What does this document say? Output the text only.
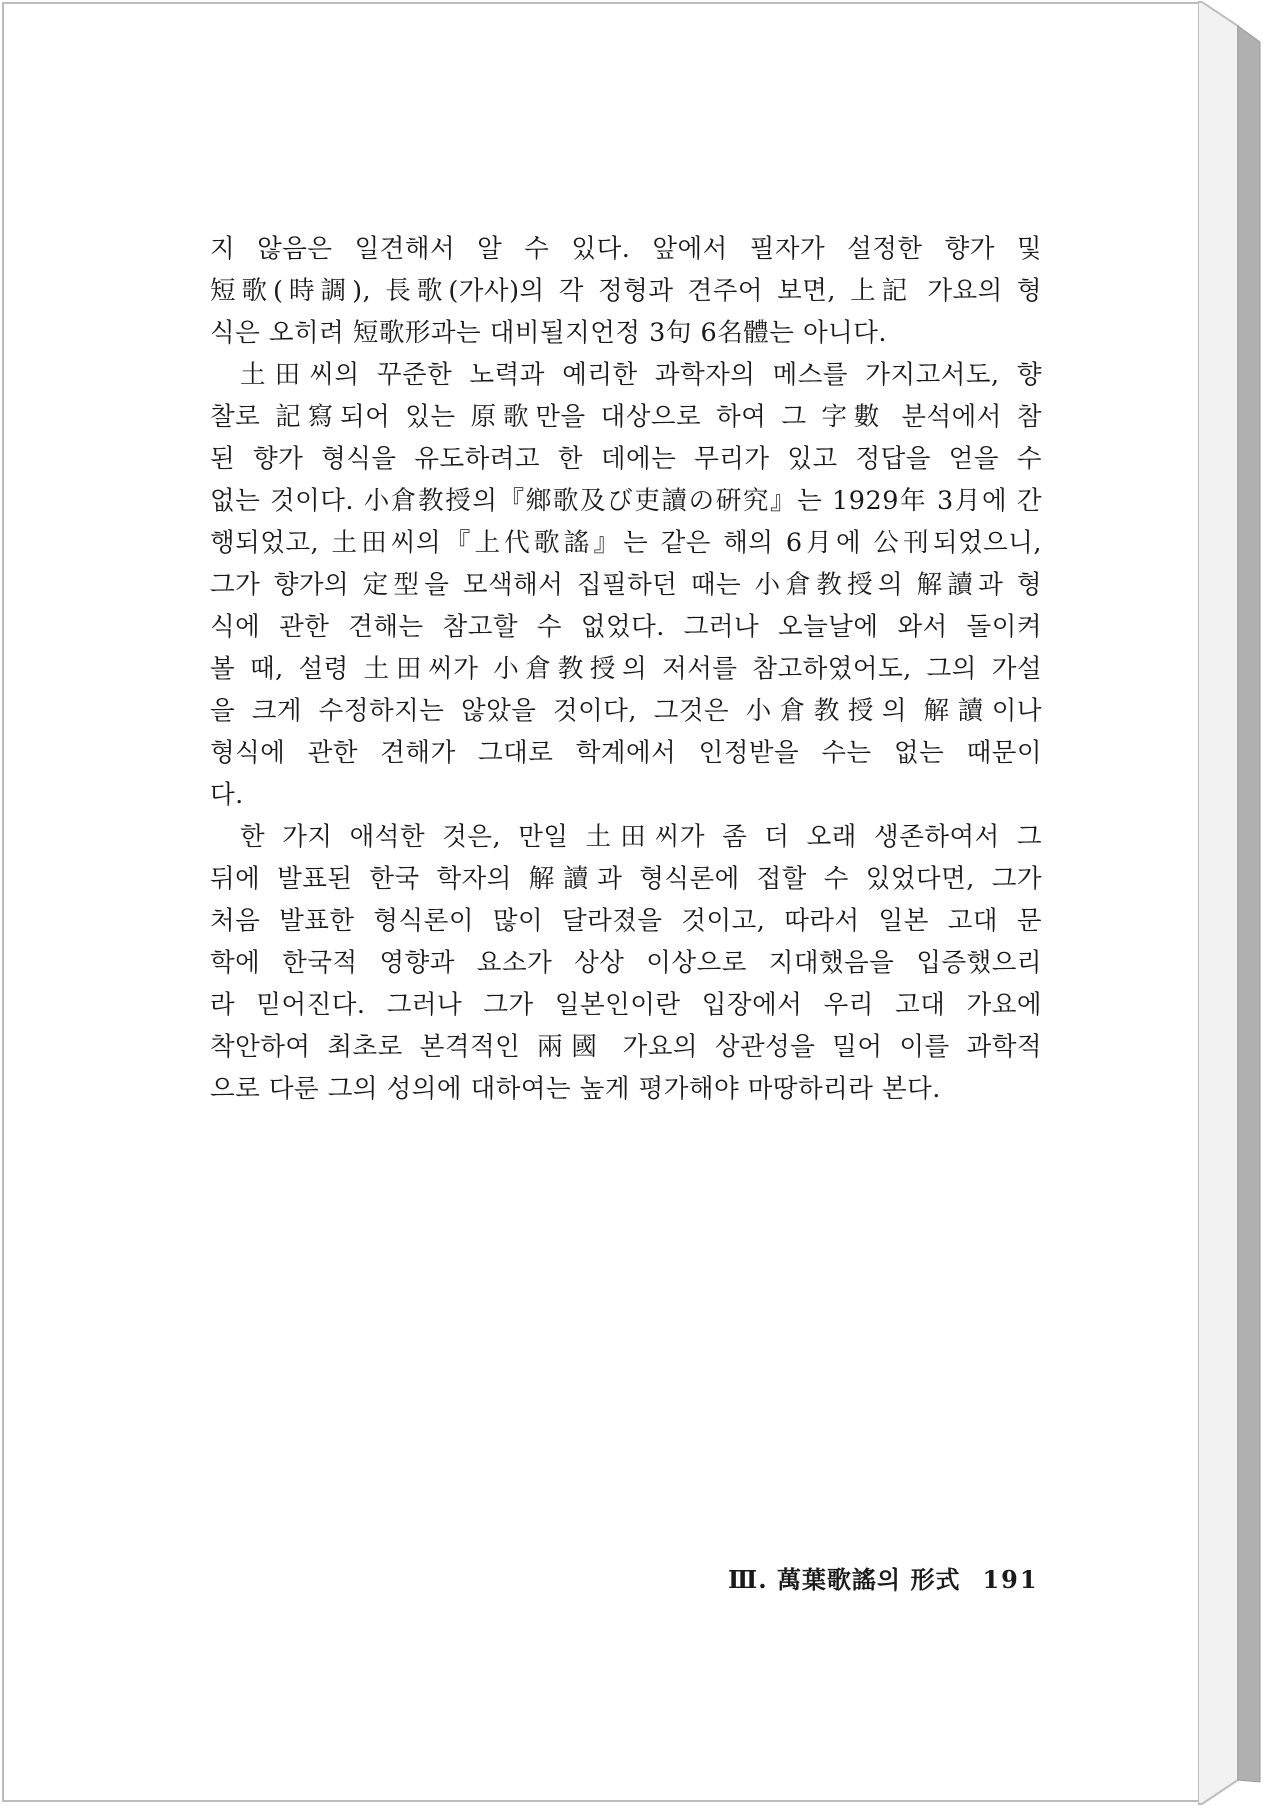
지 않음은 일견해서 알 수 있다. 앞에서 필자가 설정한 향가 및
短歌(時調), 長歌(가사)의 각 정형과 견주어 보면, 上記 가요의 형
식은 오히려 短歌形과는 대비될지언정 3句 6名體는 아니다.
土田씨의 꾸준한 노력과 예리한 과학자의 메스를 가지고서도, 향
찰로 記寫되어 있는 原歌만을 대상으로 하여 그 字數 분석에서 참
된 향가 형식을 유도하려고 한 데에는 무리가 있고 정답을 얻을 수
없는 것이다. 小倉教授의『鄉歌及び吏讀の硏究』는 1929年 3月에 간
행되었고, 土田씨의『上代歌謠』는 같은 해의 6月에 公刊되었으니,
그가 향가의 定型을 모색해서 집필하던 때는 小倉教授의 解讀과 형
식에 관한 견해는 참고할 수 없었다. 그러나 오늘날에 와서 돌이켜
볼 때, 설령 土田씨가 小倉教授의 저서를 참고하였어도, 그의 가설
을 크게 수정하지는 않았을 것이다, 그것은 小倉教授의 解讀이나
형식에 관한 견해가 그대로 학계에서 인정받을 수는 없는 때문이
다.
한 가지 애석한 것은, 만일 土田씨가 좀 더 오래 생존하여서 그
뒤에 발표된 한국 학자의 解讀과 형식론에 접할 수 있었다면, 그가
처음 발표한 형식론이 많이 달라졌을 것이고, 따라서 일본 고대 문
학에 한국적 영향과 요소가 상상 이상으로 지대했음을 입증했으리
라 믿어진다. 그러나 그가 일본인이란 입장에서 우리 고대 가요에
착안하여 최초로 본격적인 兩國 가요의 상관성을 밀어 이를 과학적
으로 다룬 그의 성의에 대하여는 높게 평가해야 마땅하리라 본다.
Ⅲ. 萬葉歌謠의 形式 191
